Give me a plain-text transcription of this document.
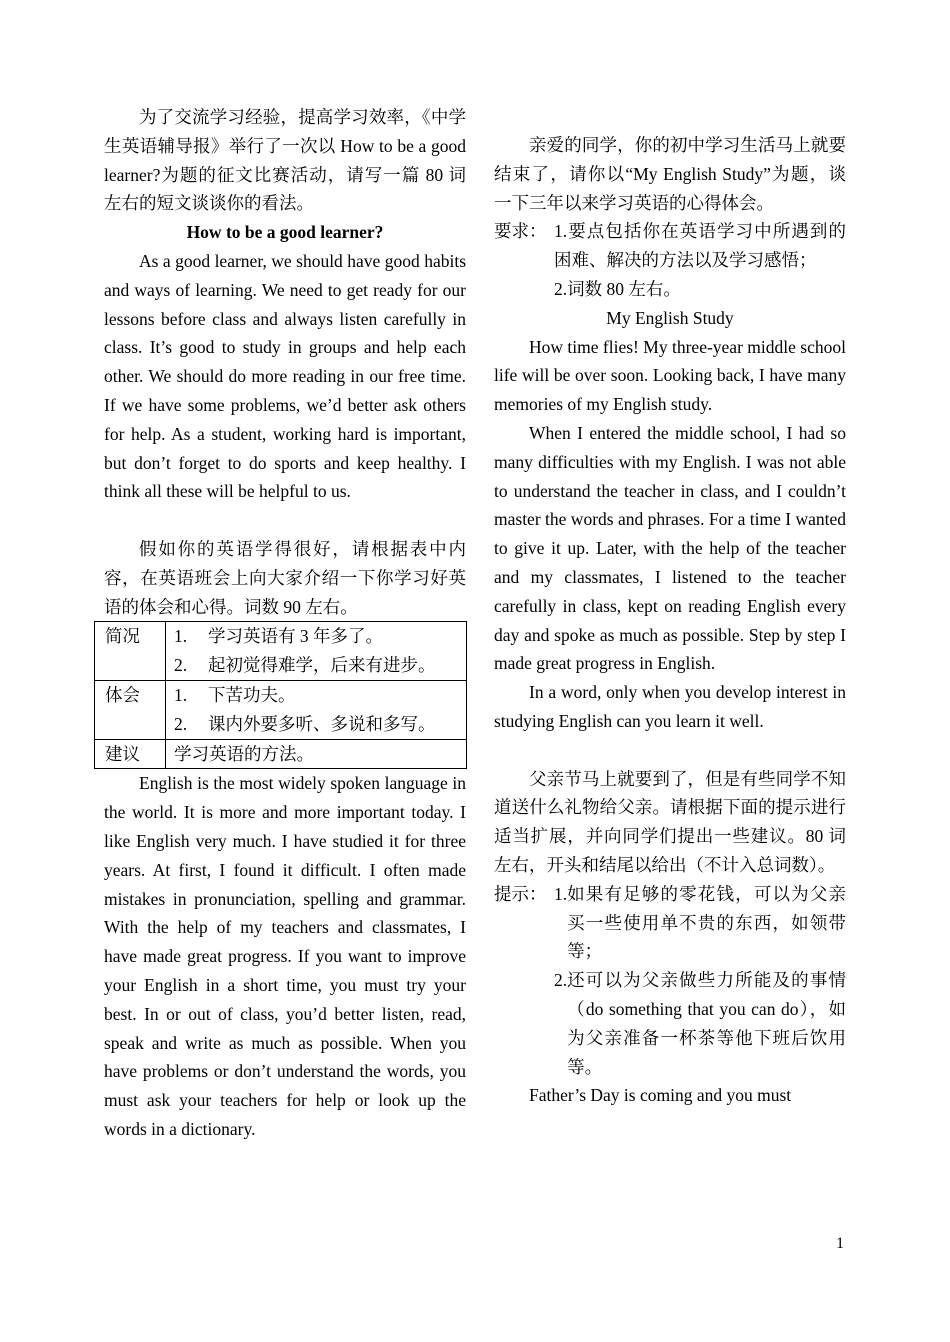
为了交流学习经验，提高学习效率，《中学生英语辅导报》举行了一次以 How to be a good learner?为题的征文比赛活动，请写一篇 80 词左右的短文谈谈你的看法。

How to be a good learner?

As a good learner, we should have good habits and ways of learning. We need to get ready for our lessons before class and always listen carefully in class. It’s good to study in groups and help each other. We should do more reading in our free time. If we have some problems, we’d better ask others for help. As a student, working hard is important, but don’t forget to do sports and keep healthy. I think all these will be helpful to us.

假如你的英语学得很好，请根据表中内容，在英语班会上向大家介绍一下你学习好英语的体会和心得。词数 90 左右。

简况	1. 学习英语有 3 年多了。
2. 起初觉得难学，后来有进步。

体会	1. 下苦功夫。
2. 课内外要多听、多说和多写。

建议	学习英语的方法。

English is the most widely spoken language in the world. It is more and more important today. I like English very much. I have studied it for three years. At first, I found it difficult. I often made mistakes in pronunciation, spelling and grammar. With the help of my teachers and classmates, I have made great progress. If you want to improve your English in a short time, you must try your best. In or out of class, you’d better listen, read, speak and write as much as possible. When you have problems or don’t understand the words, you must ask your teachers for help or look up the words in a dictionary.

亲爱的同学，你的初中学习生活马上就要结束了，请你以“My English Study”为题，谈一下三年以来学习英语的心得体会。

要求： 1.要点包括你在英语学习中所遇到的困难、解决的方法以及学习感悟；
2.词数 80 左右。
My English Study

How time flies! My three-year middle school life will be over soon. Looking back, I have many memories of my English study.

When I entered the middle school, I had so many difficulties with my English. I was not able to understand the teacher in class, and I couldn’t master the words and phrases. For a time I wanted to give it up. Later, with the help of the teacher and my classmates, I listened to the teacher carefully in class, kept on reading English every day and spoke as much as possible. Step by step I made great progress in English.

In a word, only when you develop interest in studying English can you learn it well.

父亲节马上就要到了，但是有些同学不知道送什么礼物给父亲。请根据下面的提示进行适当扩展，并向同学们提出一些建议。80 词左右，开头和结尾以给出（不计入总词数）。

提示： 1. 如果有足够的零花钱，可以为父亲买一些使用单不贵的东西，如领带等；
2. 还可以为父亲做些力所能及的事情（do something that you can do），如为父亲准备一杯茶等他下班后饮用等。

Father’s Day is coming and you must

1
